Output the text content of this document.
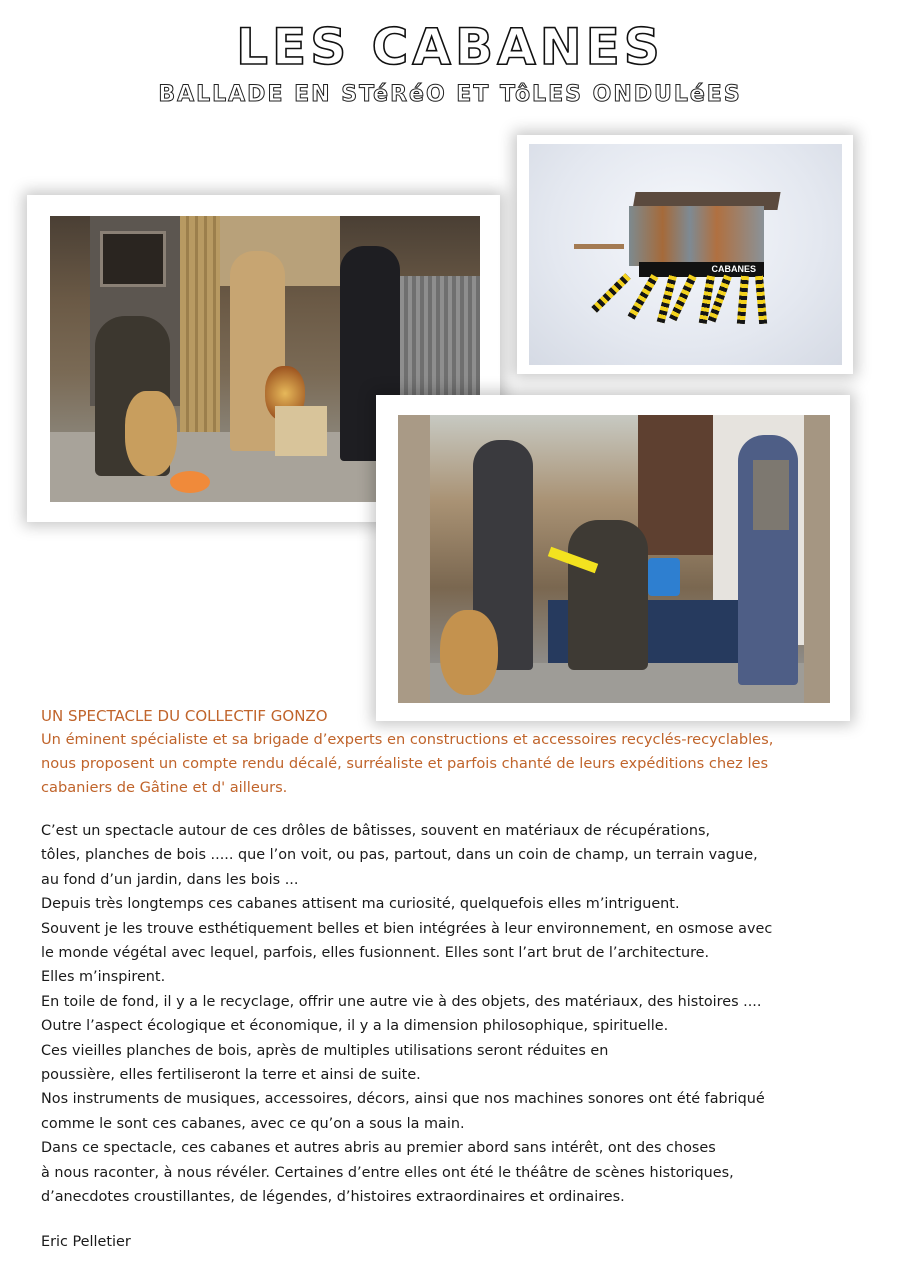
LES CABANES
BALLADE EN STéRéO ET TôLES ONDULéES
CABANES
UN SPECTACLE DU COLLECTIF GONZO
Un éminent spécialiste et sa brigade d’experts en constructions et accessoires recyclés-recyclables,
nous proposent un compte rendu décalé, surréaliste et parfois chanté de leurs expéditions chez les
cabaniers de Gâtine et d' ailleurs.
C’est un spectacle autour de ces drôles de bâtisses, souvent en matériaux de récupérations,
tôles, planches de bois ..... que l’on voit, ou pas, partout, dans un coin de champ, un terrain vague,
au fond d’un jardin, dans les bois ...
Depuis très longtemps ces cabanes attisent ma curiosité, quelquefois elles m’intriguent.
Souvent je les trouve esthétiquement belles et bien intégrées à leur environnement, en osmose avec
le monde végétal avec lequel, parfois, elles fusionnent. Elles sont l’art brut de l’architecture.
Elles m’inspirent.
En toile de fond, il y a le recyclage, offrir une autre vie à des objets, des matériaux, des histoires ....
Outre l’aspect écologique et économique, il y a la dimension philosophique, spirituelle.
Ces vieilles planches de bois, après de multiples utilisations seront réduites en
poussière, elles fertiliseront la terre et ainsi de suite.
Nos instruments de musiques, accessoires, décors, ainsi que nos machines sonores ont été fabriqué
comme le sont ces cabanes, avec ce qu’on a sous la main.
Dans ce spectacle, ces cabanes et autres abris au premier abord sans intérêt, ont des choses
à nous raconter, à nous révéler. Certaines d’entre elles ont été le théâtre de scènes historiques,
d’anecdotes croustillantes, de légendes, d’histoires extraordinaires et ordinaires.
Eric Pelletier
